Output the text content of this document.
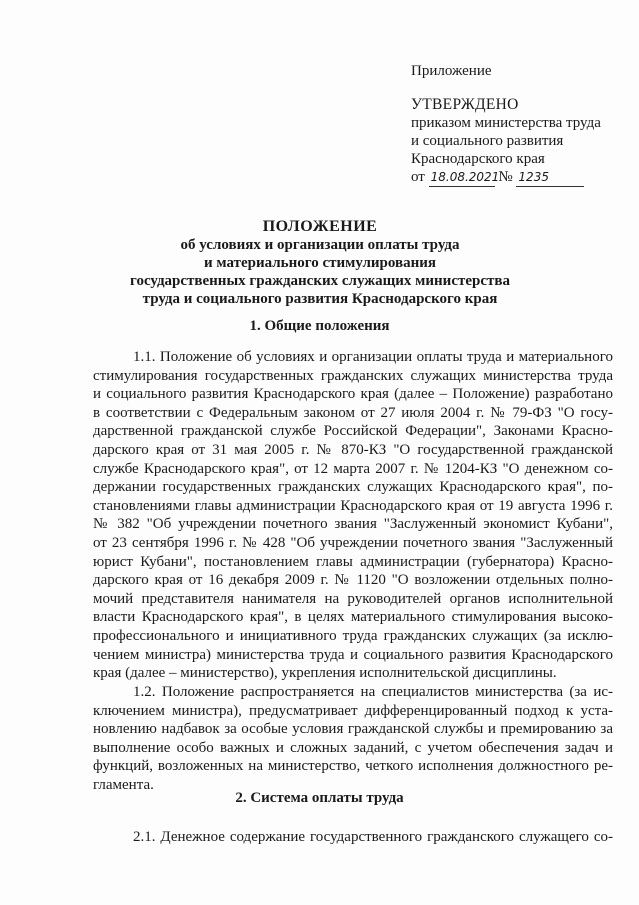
Приложение
УТВЕРЖДЕНО
приказом министерства труда
и социального развития
Краснодарского края
от 18.08.2021 № 1235
ПОЛОЖЕНИЕ
об условиях и организации оплаты труда
и материального стимулирования
государственных гражданских служащих министерства
труда и социального развития Краснодарского края
1. Общие положения
1.1. Положение об условиях и организации оплаты труда и материального
стимулирования государственных гражданских служащих министерства труда
и социального развития Краснодарского края (далее – Положение) разработано
в соответствии с Федеральным законом от 27 июля 2004 г. № 79-ФЗ "О госу-
дарственной гражданской службе Российской Федерации", Законами Красно-
дарского края от 31 мая 2005 г. № 870-КЗ "О государственной гражданской
службе Краснодарского края", от 12 марта 2007 г. № 1204-КЗ "О денежном со-
держании государственных гражданских служащих Краснодарского края", по-
становлениями главы администрации Краснодарского края от 19 августа 1996 г.
№ 382 "Об учреждении почетного звания "Заслуженный экономист Кубани",
от 23 сентября 1996 г. № 428 "Об учреждении почетного звания "Заслуженный
юрист Кубани", постановлением главы администрации (губернатора) Красно-
дарского края от 16 декабря 2009 г. № 1120 "О возложении отдельных полно-
мочий представителя нанимателя на руководителей органов исполнительной
власти Краснодарского края", в целях материального стимулирования высоко-
профессионального и инициативного труда гражданских служащих (за исклю-
чением министра) министерства труда и социального развития Краснодарского
края (далее – министерство), укрепления исполнительской дисциплины.
1.2. Положение распространяется на специалистов министерства (за ис-
ключением министра), предусматривает дифференцированный подход к уста-
новлению надбавок за особые условия гражданской службы и премированию за
выполнение особо важных и сложных заданий, с учетом обеспечения задач и
функций, возложенных на министерство, четкого исполнения должностного ре-
гламента.
2. Система оплаты труда
2.1. Денежное содержание государственного гражданского служащего со-
